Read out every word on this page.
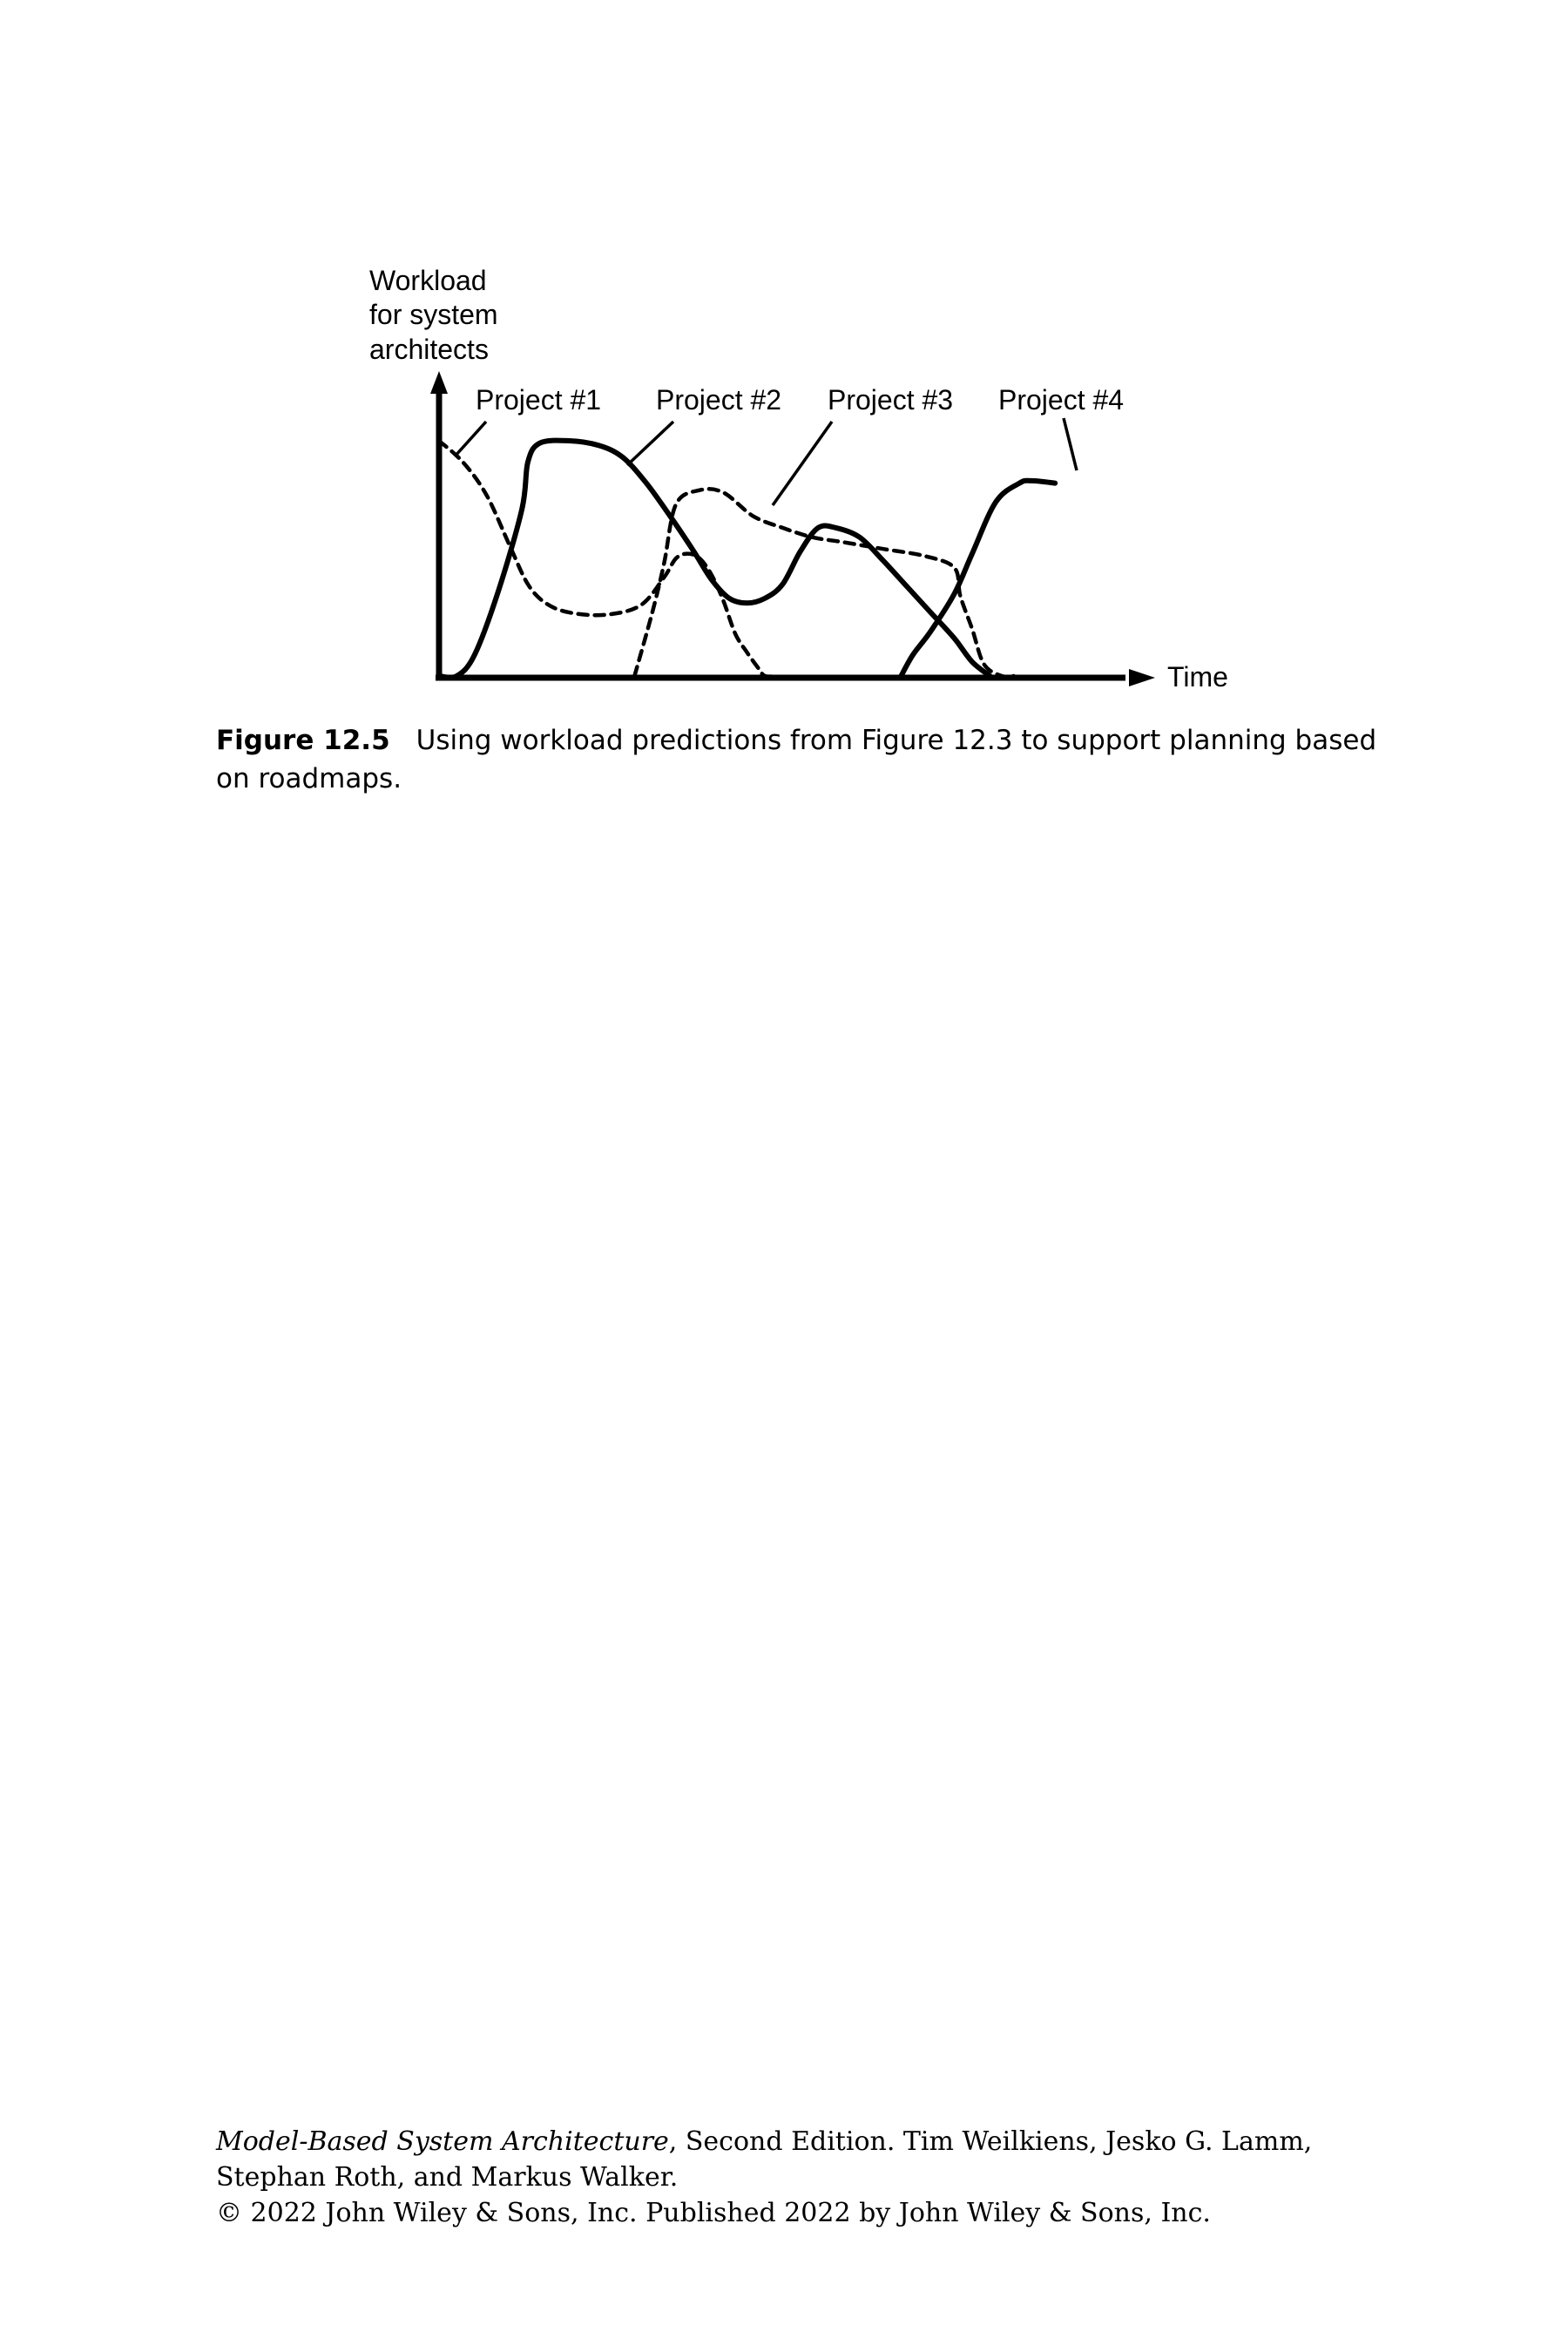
Workload
for system
architects
Time
Project #1 Project #2 Project #3 Project #4
Figure 12.5 Using workload predictions from Figure 12.3 to support planning based on roadmaps.
Model-Based System Architecture, Second Edition. Tim Weilkiens, Jesko G. Lamm,
Stephan Roth, and Markus Walker.
© 2022 John Wiley & Sons, Inc. Published 2022 by John Wiley & Sons, Inc.
